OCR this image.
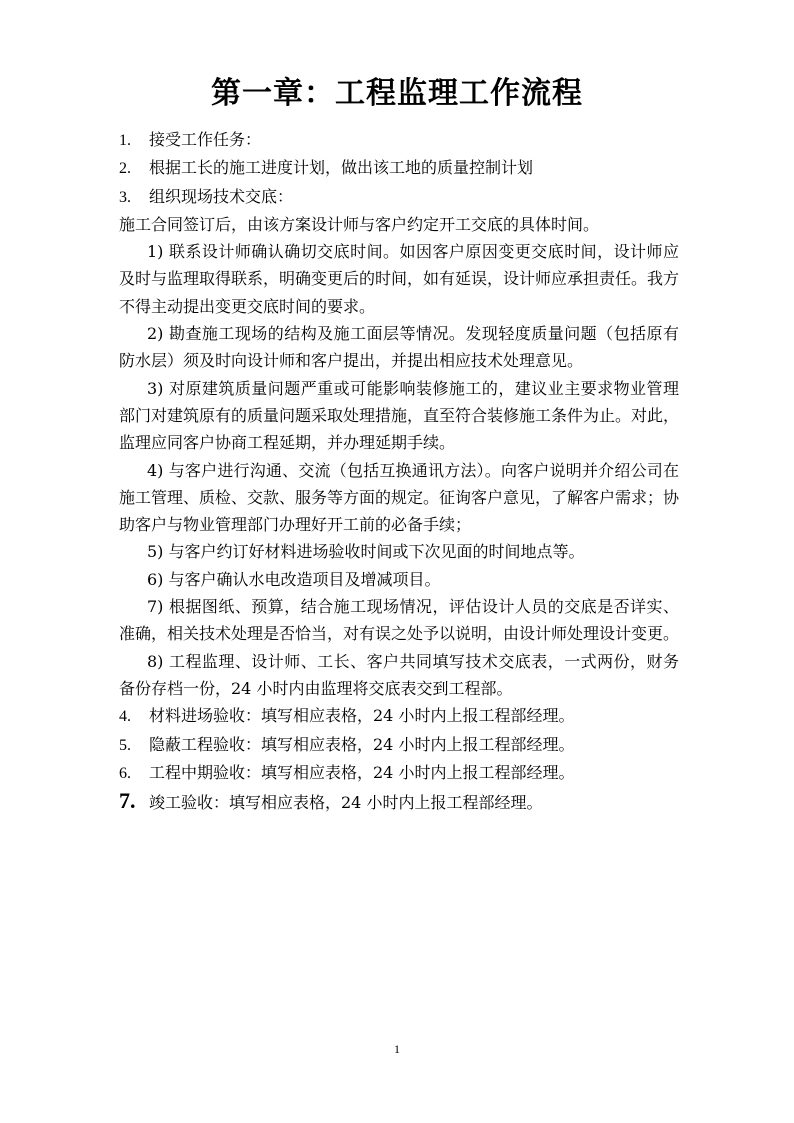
第一章：工程监理工作流程

1. 接受工作任务：

2. 根据工长的施工进度计划，做出该工地的质量控制计划

3. 组织现场技术交底：

施工合同签订后，由该方案设计师与客户约定开工交底的具体时间。

1) 联系设计师确认确切交底时间。如因客户原因变更交底时间，设计师应及时与监理取得联系，明确变更后的时间，如有延误，设计师应承担责任。我方不得主动提出变更交底时间的要求。

2) 勘查施工现场的结构及施工面层等情况。发现轻度质量问题（包括原有防水层）须及时向设计师和客户提出，并提出相应技术处理意见。

3) 对原建筑质量问题严重或可能影响装修施工的，建议业主要求物业管理部门对建筑原有的质量问题采取处理措施，直至符合装修施工条件为止。对此，监理应同客户协商工程延期，并办理延期手续。

4) 与客户进行沟通、交流（包括互换通讯方法）。向客户说明并介绍公司在施工管理、质检、交款、服务等方面的规定。征询客户意见，了解客户需求；协助客户与物业管理部门办理好开工前的必备手续；

5) 与客户约订好材料进场验收时间或下次见面的时间地点等。

6) 与客户确认水电改造项目及增减项目。

7) 根据图纸、预算，结合施工现场情况，评估设计人员的交底是否详实、准确，相关技术处理是否恰当，对有误之处予以说明，由设计师处理设计变更。

8) 工程监理、设计师、工长、客户共同填写技术交底表，一式两份，财务备份存档一份，24 小时内由监理将交底表交到工程部。

4. 材料进场验收：填写相应表格，24 小时内上报工程部经理。

5. 隐蔽工程验收：填写相应表格，24 小时内上报工程部经理。

6. 工程中期验收：填写相应表格，24 小时内上报工程部经理。

7. 竣工验收：填写相应表格，24 小时内上报工程部经理。

1
